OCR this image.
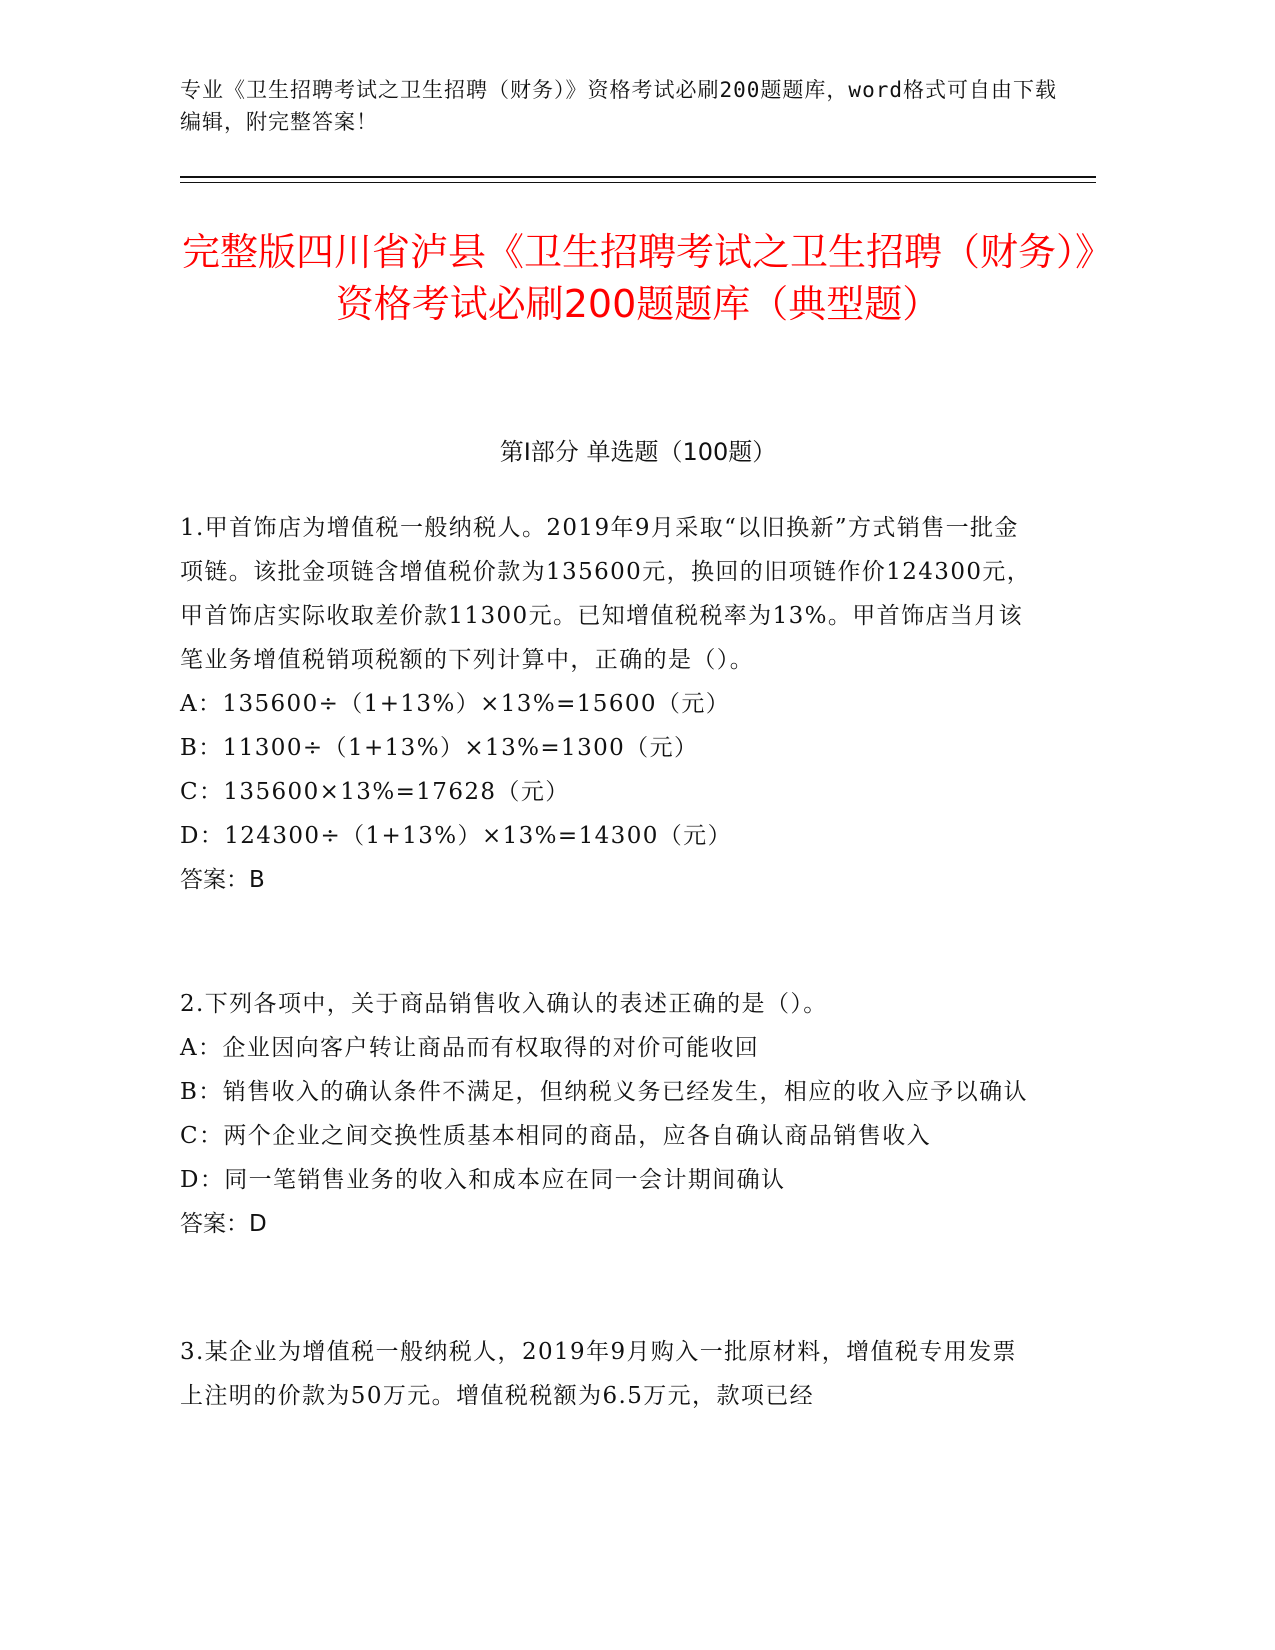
专业《卫生招聘考试之卫生招聘（财务）》资格考试必刷200题题库，word格式可自由下载编辑，附完整答案！
完整版四川省泸县《卫生招聘考试之卫生招聘（财务）》资格考试必刷200题题库（典型题）
第I部分 单选题（100题）
1.甲首饰店为增值税一般纳税人。2019年9月采取“以旧换新”方式销售一批金项链。该批金项链含增值税价款为135600元，换回的旧项链作价124300元，甲首饰店实际收取差价款11300元。已知增值税税率为13%。甲首饰店当月该笔业务增值税销项税额的下列计算中，正确的是（）。
A：135600÷（1+13%）×13%=15600（元）
B：11300÷（1+13%）×13%=1300（元）
C：135600×13%=17628（元）
D：124300÷（1+13%）×13%=14300（元）
答案：B
2.下列各项中，关于商品销售收入确认的表述正确的是（）。
A：企业因向客户转让商品而有权取得的对价可能收回
B：销售收入的确认条件不满足，但纳税义务已经发生，相应的收入应予以确认
C：两个企业之间交换性质基本相同的商品，应各自确认商品销售收入
D：同一笔销售业务的收入和成本应在同一会计期间确认
答案：D
3.某企业为增值税一般纳税人，2019年9月购入一批原材料，增值税专用发票上注明的价款为50万元。增值税税额为6.5万元，款项已经
